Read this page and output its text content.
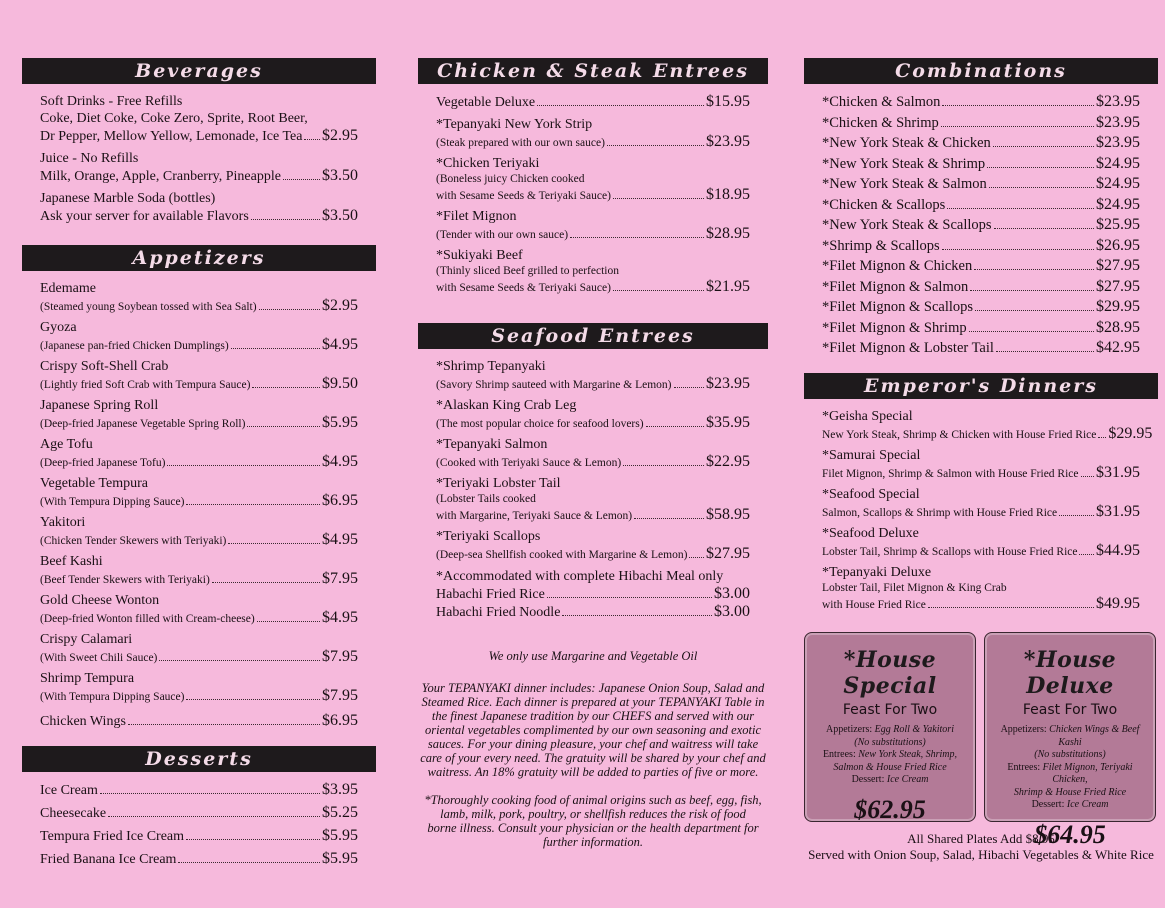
Beverages
Soft Drinks - Free Refills
Coke, Diet Coke, Coke Zero, Sprite, Root Beer,
Dr Pepper, Mellow Yellow, Lemonade, Ice Tea $2.95
Juice - No Refills
Milk, Orange, Apple, Cranberry, Pineapple	$3.50
Japanese Marble Soda (bottles)
Ask your server for available Flavors	$3.50
Appetizers
Edemame
(Steamed young Soybean tossed with Sea Salt)	$2.95
Gyoza
(Japanese pan-fried Chicken Dumplings)	$4.95
Crispy Soft-Shell Crab
(Lightly fried Soft Crab with Tempura Sauce)	$9.50
Japanese Spring Roll
(Deep-fried Japanese Vegetable Spring Roll)	$5.95
Age Tofu
(Deep-fried Japanese Tofu)	$4.95
Vegetable Tempura
(With Tempura Dipping Sauce)	$6.95
Yakitori
(Chicken Tender Skewers with Teriyaki)	$4.95
Beef Kashi
(Beef Tender Skewers with Teriyaki)	$7.95
Gold Cheese Wonton
(Deep-fried Wonton filled with Cream-cheese)	$4.95
Crispy Calamari
(With Sweet Chili Sauce)	$7.95
Shrimp Tempura
(With Tempura Dipping Sauce)	$7.95
Chicken Wings	$6.95
Desserts
Ice Cream	$3.95
Cheesecake	$5.25
Tempura Fried Ice Cream	$5.95
Fried Banana Ice Cream	$5.95
Chicken & Steak Entrees
Vegetable Deluxe	$15.95
*Tepanyaki New York Strip
(Steak prepared with our own sauce)	$23.95
*Chicken Teriyaki
(Boneless juicy Chicken cooked
with Sesame Seeds & Teriyaki Sauce)	$18.95
*Filet Mignon
(Tender with our own sauce)	$28.95
*Sukiyaki Beef
(Thinly sliced Beef grilled to perfection
with Sesame Seeds & Teriyaki Sauce)	$21.95
Seafood Entrees
*Shrimp Tepanyaki
(Savory Shrimp sauteed with Margarine & Lemon) $23.95
*Alaskan King Crab Leg
(The most popular choice for seafood lovers)	$35.95
*Tepanyaki Salmon
(Cooked with Teriyaki Sauce & Lemon)	$22.95
*Teriyaki Lobster Tail
(Lobster Tails cooked
with Margarine, Teriyaki Sauce & Lemon)	$58.95
*Teriyaki Scallops
(Deep-sea Shellfish cooked with Margarine & Lemon) $27.95
*Accommodated with complete Hibachi Meal only
Habachi Fried Rice	$3.00
Habachi Fried Noodle	$3.00
We only use Margarine and Vegetable Oil
Your TEPANYAKI dinner includes: Japanese Onion Soup, Salad and Steamed Rice. Each dinner is prepared at your TEPANYAKI Table in the finest Japanese tradition by our CHEFS and served with our oriental vegetables complimented by our own seasoning and exotic sauces. For your dining pleasure, your chef and waitress will take care of your every need. The gratuity will be shared by your chef and waitress. An 18% gratuity will be added to parties of five or more.
*Thoroughly cooking food of animal origins such as beef, egg, fish, lamb, milk, pork, poultry, or shellfish reduces the risk of food borne illness. Consult your physician or the health department for further information.
Combinations
*Chicken & Salmon	$23.95
*Chicken & Shrimp	$23.95
*New York Steak & Chicken	$23.95
*New York Steak & Shrimp	$24.95
*New York Steak & Salmon	$24.95
*Chicken & Scallops	$24.95
*New York Steak & Scallops	$25.95
*Shrimp & Scallops	$26.95
*Filet Mignon & Chicken	$27.95
*Filet Mignon & Salmon	$27.95
*Filet Mignon & Scallops	$29.95
*Filet Mignon & Shrimp	$28.95
*Filet Mignon & Lobster Tail	$42.95
Emperor's Dinners
*Geisha Special
New York Steak, Shrimp & Chicken with House Fried Rice $29.95
*Samurai Special
Filet Mignon, Shrimp & Salmon with House Fried Rice $31.95
*Seafood Special
Salmon, Scallops & Shrimp with House Fried Rice $31.95
*Seafood Deluxe
Lobster Tail, Shrimp & Scallops with House Fried Rice $44.95
*Tepanyaki Deluxe
Lobster Tail, Filet Mignon & King Crab
with House Fried Rice	$49.95
*House Special
Feast For Two
Appetizers: Egg Roll & Yakitori
(No substitutions)
Entrees: New York Steak, Shrimp,
Salmon & House Fried Rice
Dessert: Ice Cream
$62.95
*House Deluxe
Feast For Two
Appetizers: Chicken Wings & Beef Kashi
(No substitutions)
Entrees: Filet Mignon, Teriyaki Chicken,
Shrimp & House Fried Rice
Dessert: Ice Cream
$64.95
All Shared Plates Add $8.95
Served with Onion Soup, Salad, Hibachi Vegetables & White Rice
